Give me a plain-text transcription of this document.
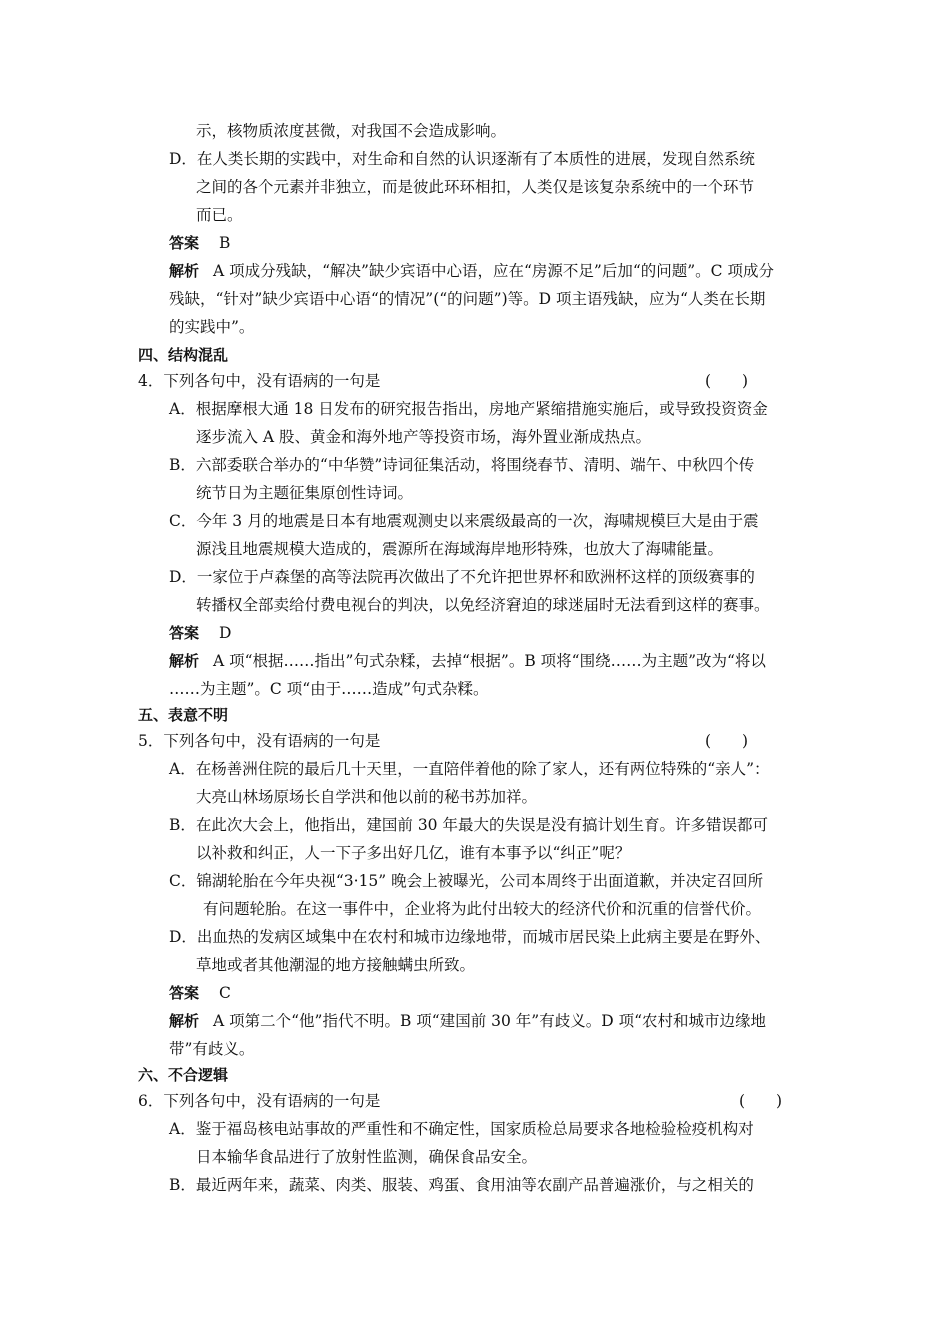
示，核物质浓度甚微，对我国不会造成影响。
D．在人类长期的实践中，对生命和自然的认识逐渐有了本质性的进展，发现自然系统
之间的各个元素并非独立，而是彼此环环相扣，人类仅是该复杂系统中的一个环节
而已。
答案 B
解析 A 项成分残缺，“解决”缺少宾语中心语，应在“房源不足”后加“的问题”。C 项成分
残缺，“针对”缺少宾语中心语“的情况”(“的问题”)等。D 项主语残缺，应为“人类在长期
的实践中”。
四、结构混乱
4．下列各句中，没有语病的一句是	(　　)
A．根据摩根大通 18 日发布的研究报告指出，房地产紧缩措施实施后，或导致投资资金
逐步流入 A 股、黄金和海外地产等投资市场，海外置业渐成热点。
B．六部委联合举办的“中华赞”诗词征集活动，将围绕春节、清明、端午、中秋四个传
统节日为主题征集原创性诗词。
C．今年 3 月的地震是日本有地震观测史以来震级最高的一次，海啸规模巨大是由于震
源浅且地震规模大造成的，震源所在海域海岸地形特殊，也放大了海啸能量。
D．一家位于卢森堡的高等法院再次做出了不允许把世界杯和欧洲杯这样的顶级赛事的
转播权全部卖给付费电视台的判决，以免经济窘迫的球迷届时无法看到这样的赛事。
答案 D
解析 A 项“根据……指出”句式杂糅，去掉“根据”。B 项将“围绕……为主题”改为“将以
……为主题”。C 项“由于……造成”句式杂糅。
五、表意不明
5．下列各句中，没有语病的一句是	(　　)
A．在杨善洲住院的最后几十天里，一直陪伴着他的除了家人，还有两位特殊的“亲人”：
大亮山林场原场长自学洪和他以前的秘书苏加祥。
B．在此次大会上，他指出，建国前 30 年最大的失误是没有搞计划生育。许多错误都可
以补救和纠正，人一下子多出好几亿，谁有本事予以“纠正”呢？
C．锦湖轮胎在今年央视“3·15” 晚会上被曝光，公司本周终于出面道歉，并决定召回所
有问题轮胎。在这一事件中，企业将为此付出较大的经济代价和沉重的信誉代价。
D．出血热的发病区域集中在农村和城市边缘地带，而城市居民染上此病主要是在野外、
草地或者其他潮湿的地方接触螨虫所致。
答案 C
解析 A 项第二个“他”指代不明。B 项“建国前 30 年”有歧义。D 项“农村和城市边缘地
带”有歧义。
六、不合逻辑
6．下列各句中，没有语病的一句是	(　　)
A．鉴于福岛核电站事故的严重性和不确定性，国家质检总局要求各地检验检疫机构对
日本输华食品进行了放射性监测，确保食品安全。
B．最近两年来，蔬菜、肉类、服装、鸡蛋、食用油等农副产品普遍涨价，与之相关的
